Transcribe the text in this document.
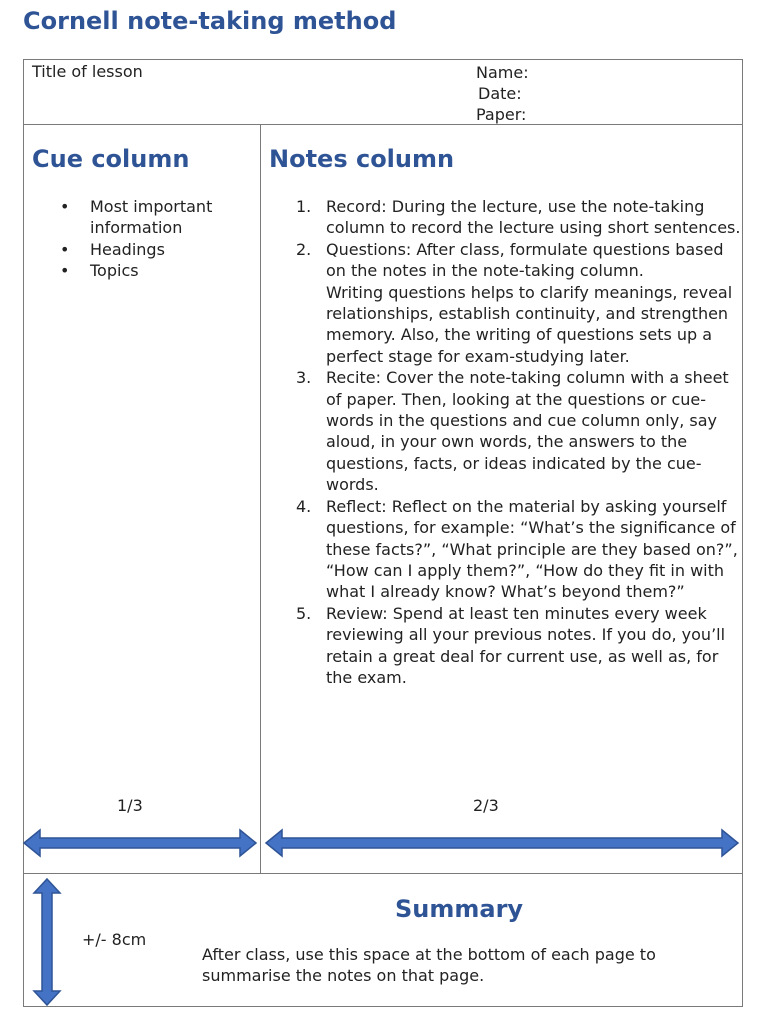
Cornell note-taking method
Title of lesson	Name:
Date:
Paper:
Cue column
• Most important information
• Headings
• Topics
Notes column
1. Record: During the lecture, use the note-taking column to record the lecture using short sentences.
2. Questions: After class, formulate questions based on the notes in the note-taking column.
Writing questions helps to clarify meanings, reveal relationships, establish continuity, and strengthen memory. Also, the writing of questions sets up a perfect stage for exam-studying later.
3. Recite: Cover the note-taking column with a sheet of paper. Then, looking at the questions or cue-words in the questions and cue column only, say aloud, in your own words, the answers to the questions, facts, or ideas indicated by the cue-words.
4. Reflect: Reflect on the material by asking yourself questions, for example: “What’s the significance of these facts?”, “What principle are they based on?”, “How can I apply them?”, “How do they fit in with what I already know? What’s beyond them?”
5. Review: Spend at least ten minutes every week reviewing all your previous notes. If you do, you’ll retain a great deal for current use, as well as, for the exam.
1/3	2/3
+/- 8cm
Summary
After class, use this space at the bottom of each page to summarise the notes on that page.
